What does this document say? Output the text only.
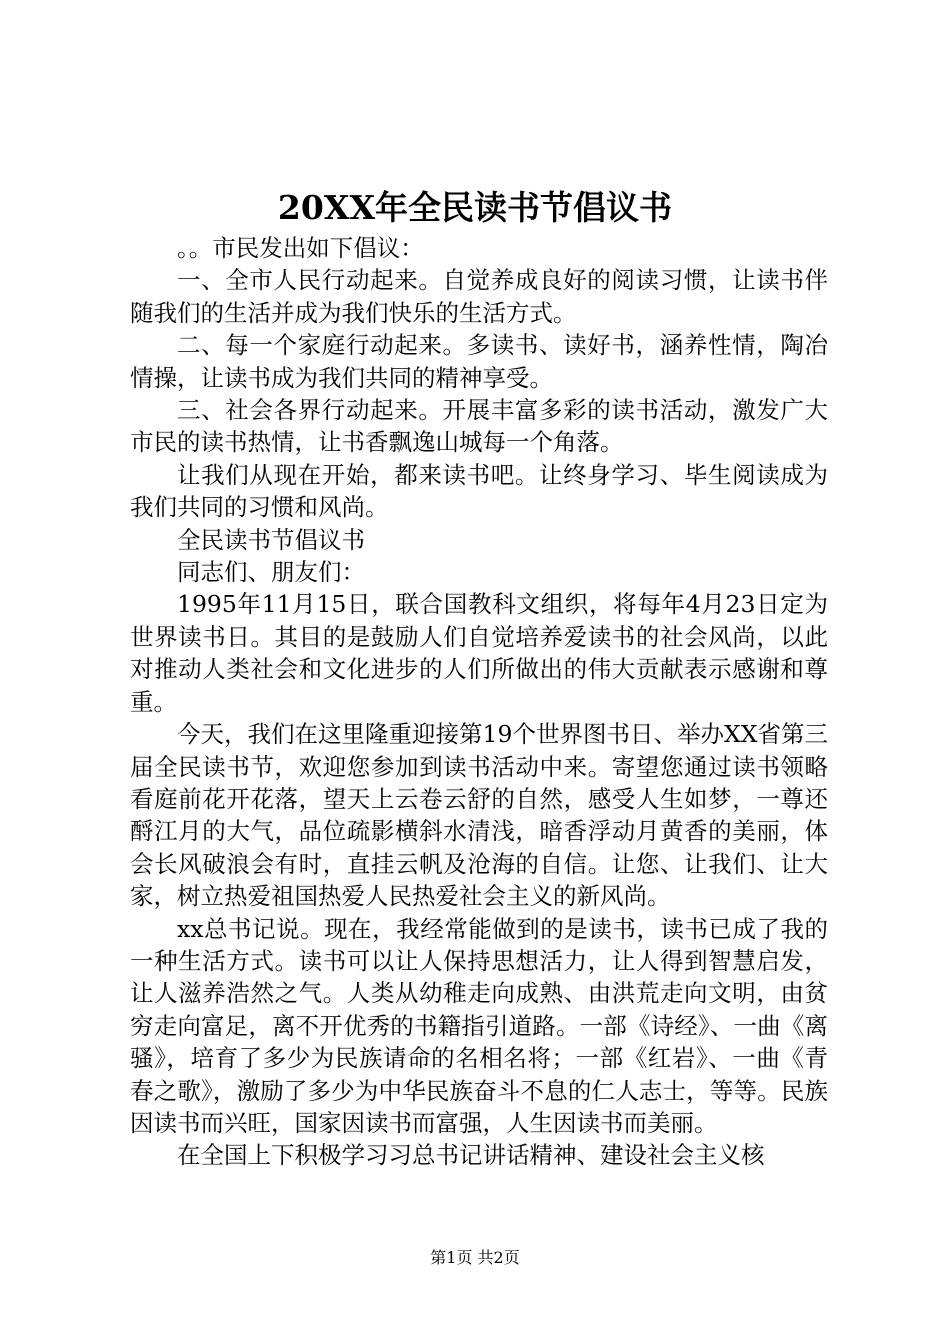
20XX年全民读书节倡议书

。。市民发出如下倡议：

一、全市人民行动起来。自觉养成良好的阅读习惯，让读书伴随我们的生活并成为我们快乐的生活方式。

二、每一个家庭行动起来。多读书、读好书，涵养性情，陶冶情操，让读书成为我们共同的精神享受。

三、社会各界行动起来。开展丰富多彩的读书活动，激发广大市民的读书热情，让书香飘逸山城每一个角落。

让我们从现在开始，都来读书吧。让终身学习、毕生阅读成为我们共同的习惯和风尚。

全民读书节倡议书

同志们、朋友们：

1995年11月15日，联合国教科文组织，将每年4月23日定为世界读书日。其目的是鼓励人们自觉培养爱读书的社会风尚，以此对推动人类社会和文化进步的人们所做出的伟大贡献表示感谢和尊重。

今天，我们在这里隆重迎接第19个世界图书日、举办XX省第三届全民读书节，欢迎您参加到读书活动中来。寄望您通过读书领略看庭前花开花落，望天上云卷云舒的自然，感受人生如梦，一尊还酹江月的大气，品位疏影横斜水清浅，暗香浮动月黄香的美丽，体会长风破浪会有时，直挂云帆及沧海的自信。让您、让我们、让大家，树立热爱祖国热爱人民热爱社会主义的新风尚。

xx总书记说。现在，我经常能做到的是读书，读书已成了我的一种生活方式。读书可以让人保持思想活力，让人得到智慧启发，让人滋养浩然之气。人类从幼稚走向成熟、由洪荒走向文明，由贫穷走向富足，离不开优秀的书籍指引道路。一部《诗经》、一曲《离骚》，培育了多少为民族请命的名相名将；一部《红岩》、一曲《青春之歌》，激励了多少为中华民族奋斗不息的仁人志士，等等。民族因读书而兴旺，国家因读书而富强，人生因读书而美丽。

在全国上下积极学习习总书记讲话精神、建设社会主义核

第1页 共2页
